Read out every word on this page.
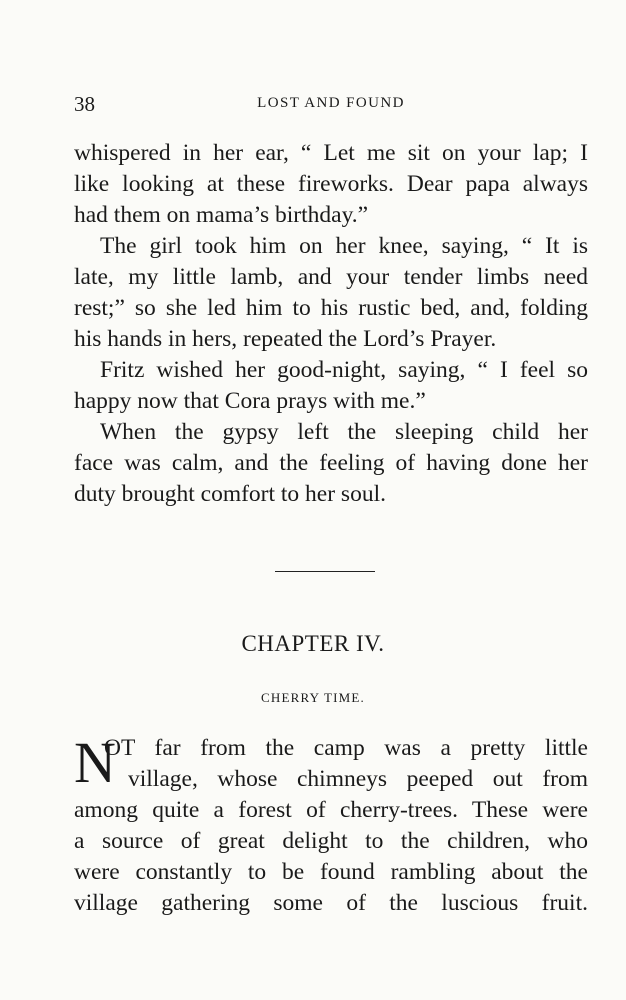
38	LOST AND FOUND

whispered in her ear, “ Let me sit on your lap; I
like looking at these fireworks. Dear papa always
had them on mama’s birthday.”

The girl took him on her knee, saying, “ It is
late, my little lamb, and your tender limbs need
rest;” so she led him to his rustic bed, and, folding
his hands in hers, repeated the Lord’s Prayer.

Fritz wished her good-night, saying, “ I feel so
happy now that Cora prays with me.”

When the gypsy left the sleeping child her
face was calm, and the feeling of having done her
duty brought comfort to her soul.

CHAPTER IV.
CHERRY TIME.
N
OT far from the camp was a pretty little
village, whose chimneys peeped out from
among quite a forest of cherry-trees. These were
a source of great delight to the children, who
were constantly to be found rambling about the
village gathering some of the luscious fruit.
